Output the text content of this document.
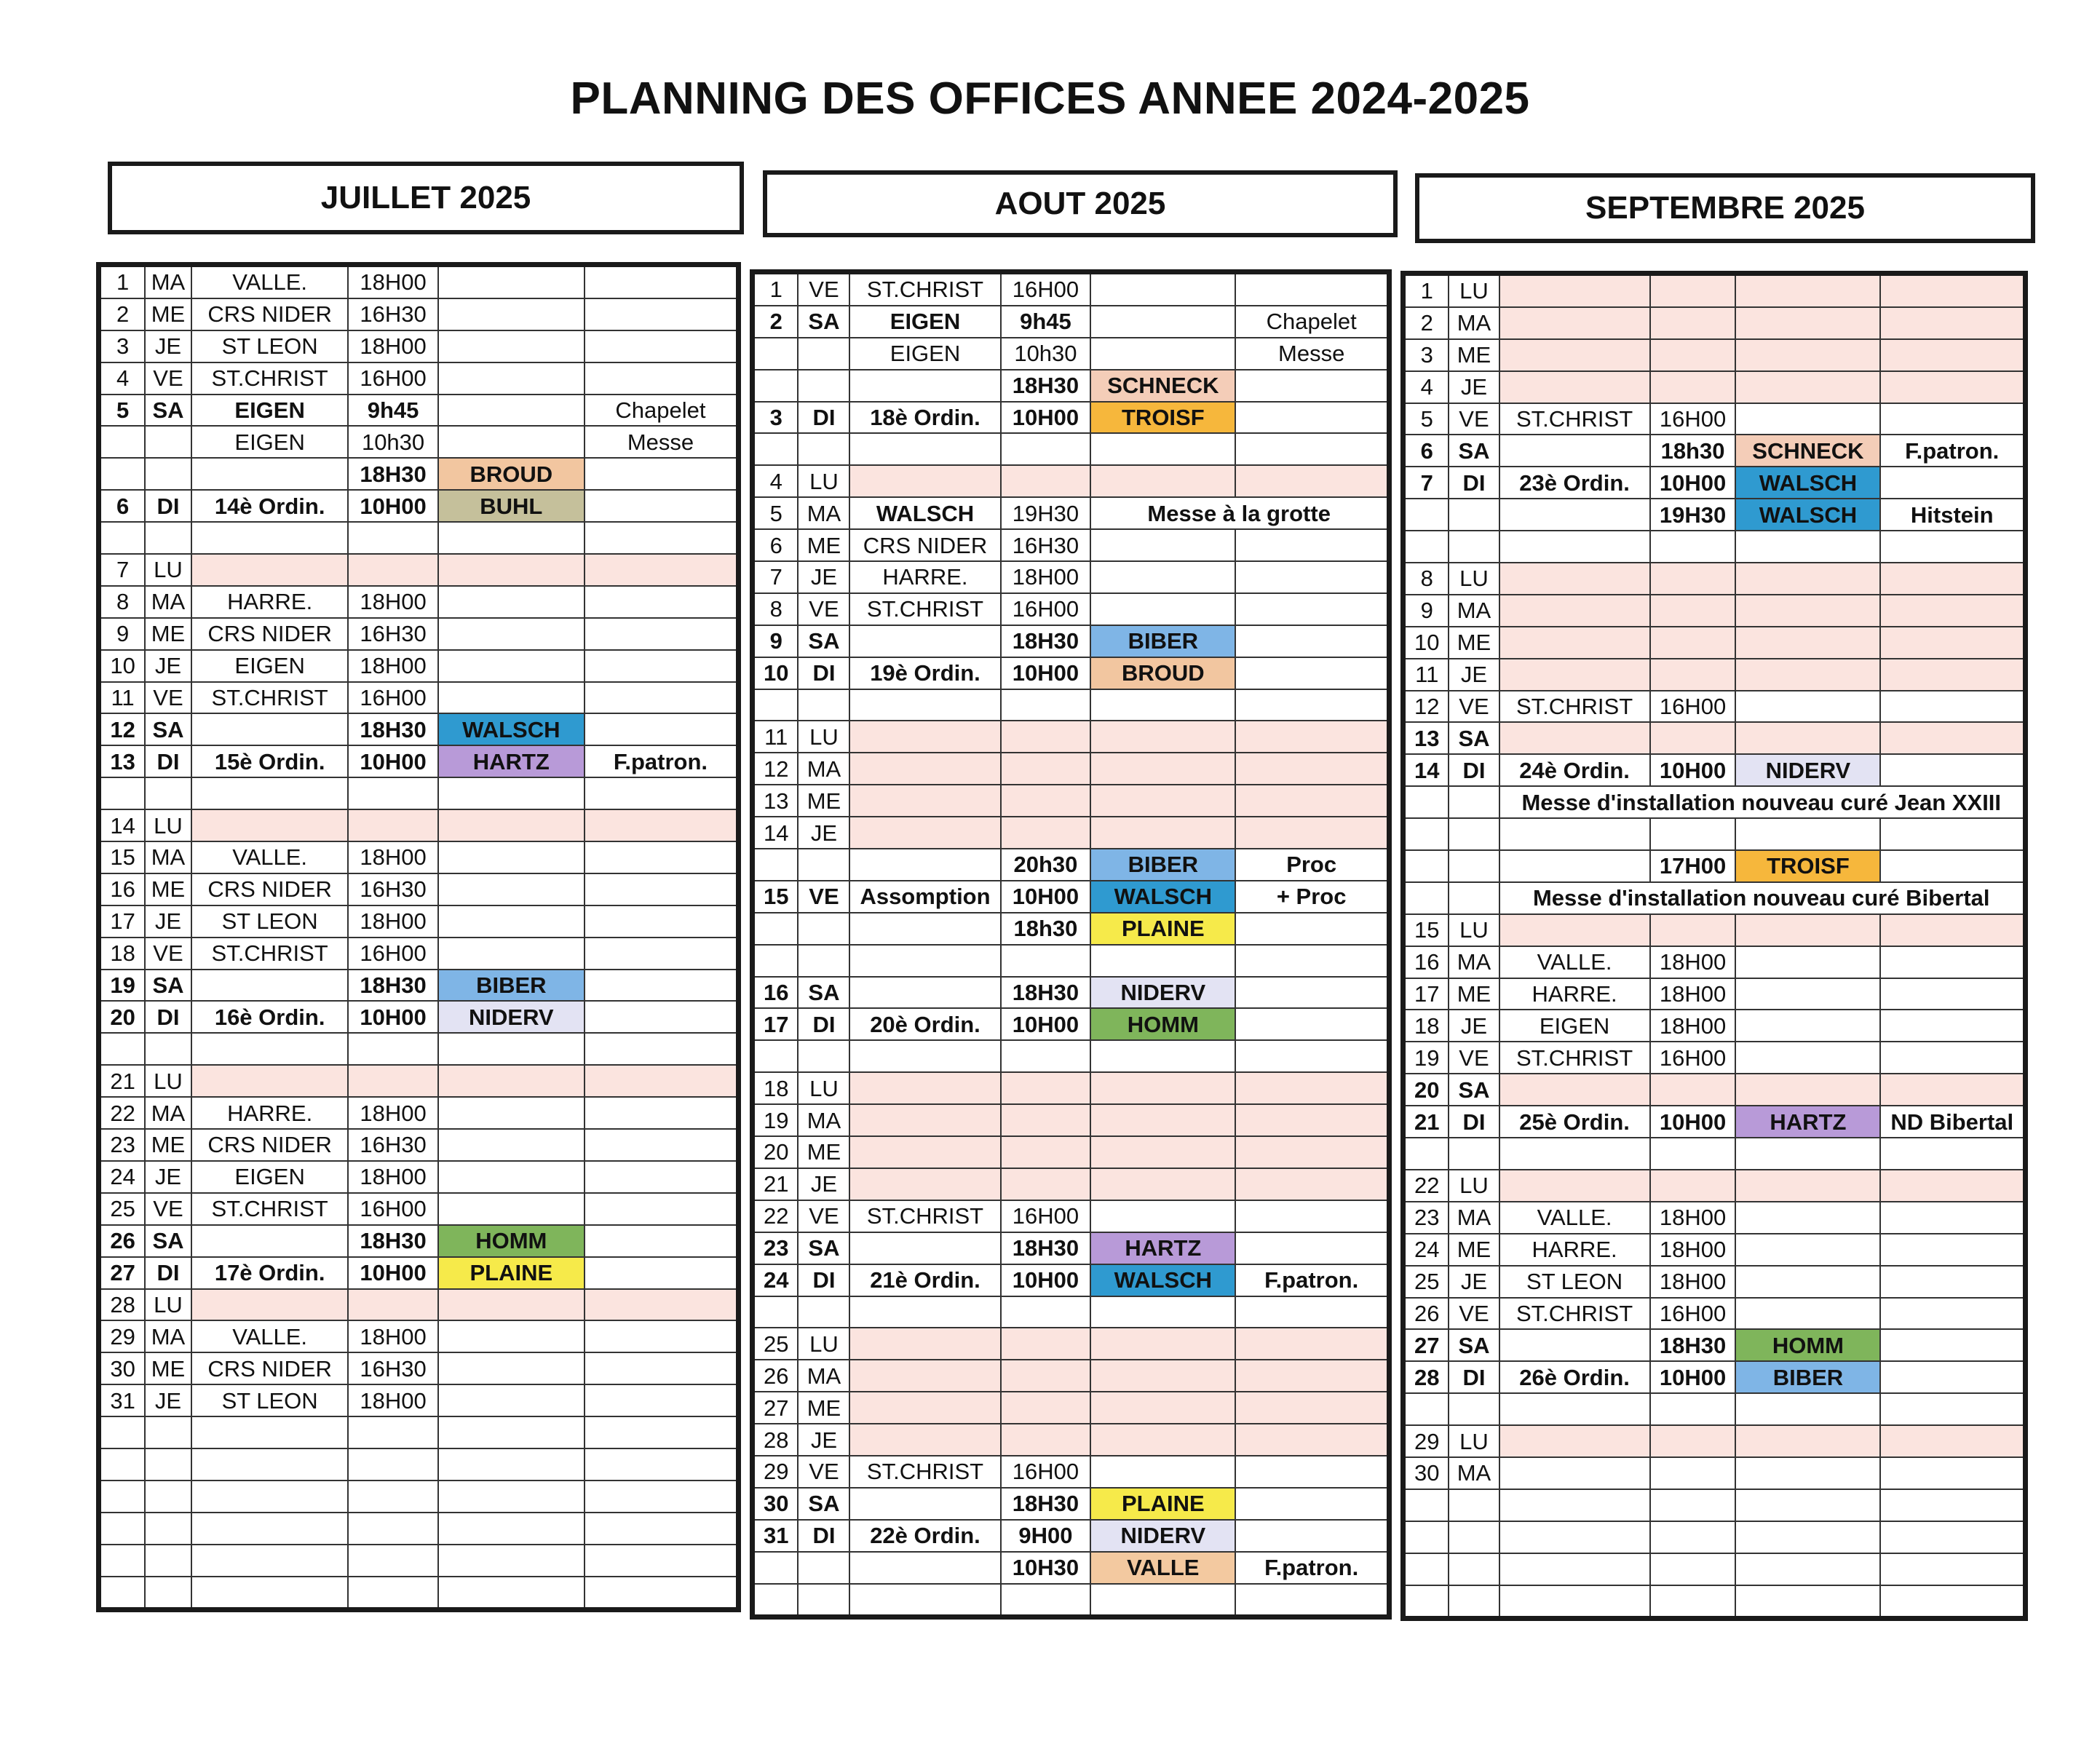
PLANNING DES OFFICES ANNEE 2024-2025
JUILLET 2025	AOUT 2025	SEPTEMBRE 2025
1	MA	VALLE.	18H00		
2	ME	CRS NIDER	16H30		
3	JE	ST LEON	18H00		
4	VE	ST.CHRIST	16H00		
5	SA	EIGEN	9h45		Chapelet
		EIGEN	10h30		Messe
			18H30	BROUD	
6	DI	14è Ordin.	10H00	BUHL	

7	LU				
8	MA	HARRE.	18H00		
9	ME	CRS NIDER	16H30		
10	JE	EIGEN	18H00		
11	VE	ST.CHRIST	16H00		
12	SA		18H30	WALSCH	
13	DI	15è Ordin.	10H00	HARTZ	F.patron.

14	LU				
15	MA	VALLE.	18H00		
16	ME	CRS NIDER	16H30		
17	JE	ST LEON	18H00		
18	VE	ST.CHRIST	16H00		
19	SA		18H30	BIBER	
20	DI	16è Ordin.	10H00	NIDERV	

21	LU				
22	MA	HARRE.	18H00		
23	ME	CRS NIDER	16H30		
24	JE	EIGEN	18H00		
25	VE	ST.CHRIST	16H00		
26	SA		18H30	HOMM	
27	DI	17è Ordin.	10H00	PLAINE	
28	LU				
29	MA	VALLE.	18H00		
30	ME	CRS NIDER	16H30		
31	JE	ST LEON	18H00		

1	VE	ST.CHRIST	16H00		
2	SA	EIGEN	9h45		Chapelet
		EIGEN	10h30		Messe
			18H30	SCHNECK	
3	DI	18è Ordin.	10H00	TROISF	

4	LU				
5	MA	WALSCH	19H30	Messe à la grotte	
6	ME	CRS NIDER	16H30		
7	JE	HARRE.	18H00		
8	VE	ST.CHRIST	16H00		
9	SA		18H30	BIBER	
10	DI	19è Ordin.	10H00	BROUD	

11	LU				
12	MA				
13	ME				
14	JE				
			20h30	BIBER	Proc
15	VE	Assomption	10H00	WALSCH	+ Proc
			18h30	PLAINE	

16	SA		18H30	NIDERV	
17	DI	20è Ordin.	10H00	HOMM	

18	LU				
19	MA				
20	ME				
21	JE				
22	VE	ST.CHRIST	16H00		
23	SA		18H30	HARTZ	
24	DI	21è Ordin.	10H00	WALSCH	F.patron.

25	LU				
26	MA				
27	ME				
28	JE				
29	VE	ST.CHRIST	16H00		
30	SA		18H30	PLAINE	
31	DI	22è Ordin.	9H00	NIDERV	
			10H30	VALLE	F.patron.

1	LU				
2	MA				
3	ME				
4	JE				
5	VE	ST.CHRIST	16H00		
6	SA		18h30	SCHNECK	F.patron.
7	DI	23è Ordin.	10H00	WALSCH	
			19H30	WALSCH	Hitstein

8	LU				
9	MA				
10	ME				
11	JE				
12	VE	ST.CHRIST	16H00		
13	SA				
14	DI	24è Ordin.	10H00	NIDERV	
		Messe d'installation nouveau curé Jean XXIII			

			17H00	TROISF	
		Messe d'installation nouveau curé Bibertal			
15	LU				
16	MA	VALLE.	18H00		
17	ME	HARRE.	18H00		
18	JE	EIGEN	18H00		
19	VE	ST.CHRIST	16H00		
20	SA				
21	DI	25è Ordin.	10H00	HARTZ	ND Bibertal

22	LU				
23	MA	VALLE.	18H00		
24	ME	HARRE.	18H00		
25	JE	ST LEON	18H00		
26	VE	ST.CHRIST	16H00		
27	SA		18H30	HOMM	
28	DI	26è Ordin.	10H00	BIBER	

29	LU				
30	MA				
